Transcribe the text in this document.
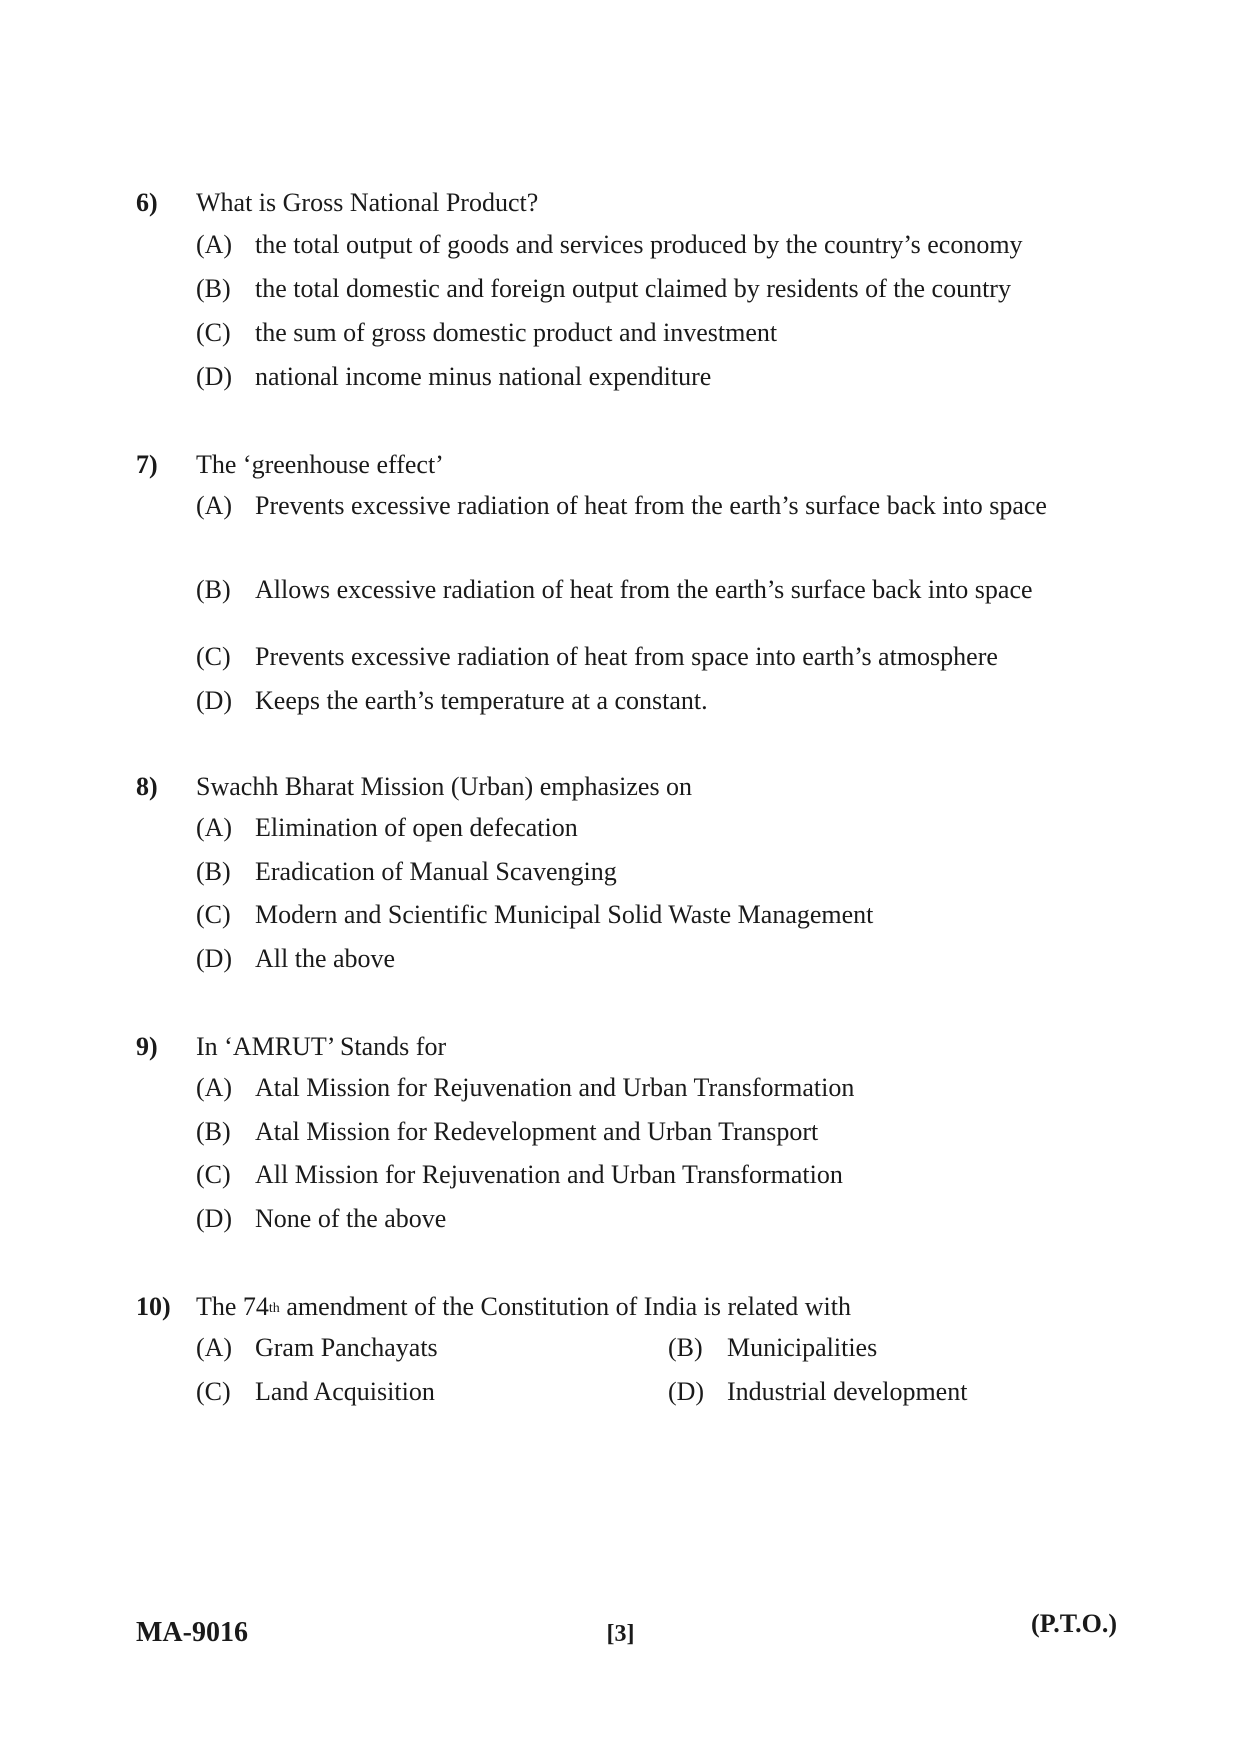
6) What is Gross National Product?
(A) the total output of goods and services produced by the country’s economy
(B) the total domestic and foreign output claimed by residents of the country
(C) the sum of gross domestic product and investment
(D) national income minus national expenditure
7) The ‘greenhouse effect’
(A) Prevents excessive radiation of heat from the earth’s surface back into space
(B) Allows excessive radiation of heat from the earth’s surface back into space
(C) Prevents excessive radiation of heat from space into earth’s atmosphere
(D) Keeps the earth’s temperature at a constant.
8) Swachh Bharat Mission (Urban) emphasizes on
(A) Elimination of open defecation
(B) Eradication of Manual Scavenging
(C) Modern and Scientific Municipal Solid Waste Management
(D) All the above
9) In ‘AMRUT’ Stands for
(A) Atal Mission for Rejuvenation and Urban Transformation
(B) Atal Mission for Redevelopment and Urban Transport
(C) All Mission for Rejuvenation and Urban Transformation
(D) None of the above
10) The 74th amendment of the Constitution of India is related with
(A) Gram Panchayats	(B) Municipalities
(C) Land Acquisition	(D) Industrial development
MA-9016	[3]	(P.T.O.)
